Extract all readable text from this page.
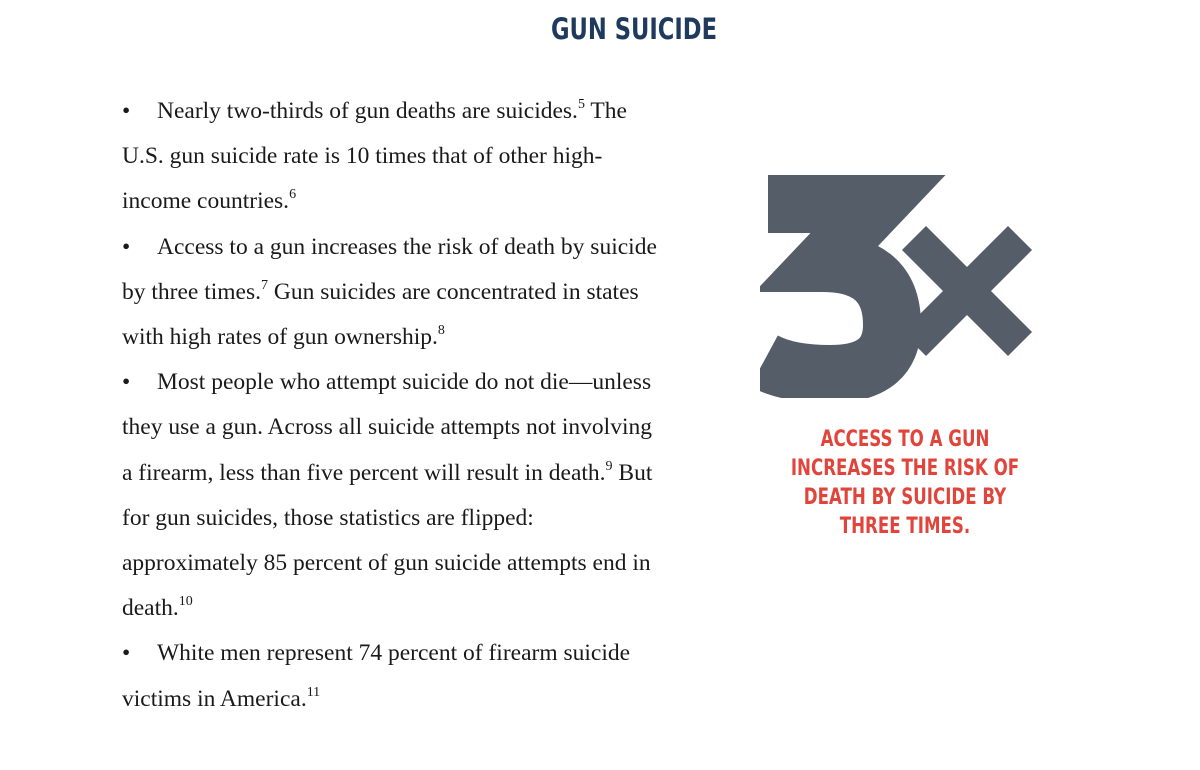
GUN SUICIDE

• Nearly two-thirds of gun deaths are suicides.$^5$ The U.S. gun suicide rate is 10 times that of other high-income countries.$^6$

• Access to a gun increases the risk of death by suicide by three times.$^7$ Gun suicides are concentrated in states with high rates of gun ownership.$^8$

• Most people who attempt suicide do not die—unless they use a gun. Across all suicide attempts not involving a firearm, less than five percent will result in death.$^9$ But for gun suicides, those statistics are flipped: approximately 85 percent of gun suicide attempts end in death.$^{10}$

• White men represent 74 percent of firearm suicide victims in America.$^{11}$

ACCESS TO A GUN INCREASES THE RISK OF DEATH BY SUICIDE BY THREE TIMES.
